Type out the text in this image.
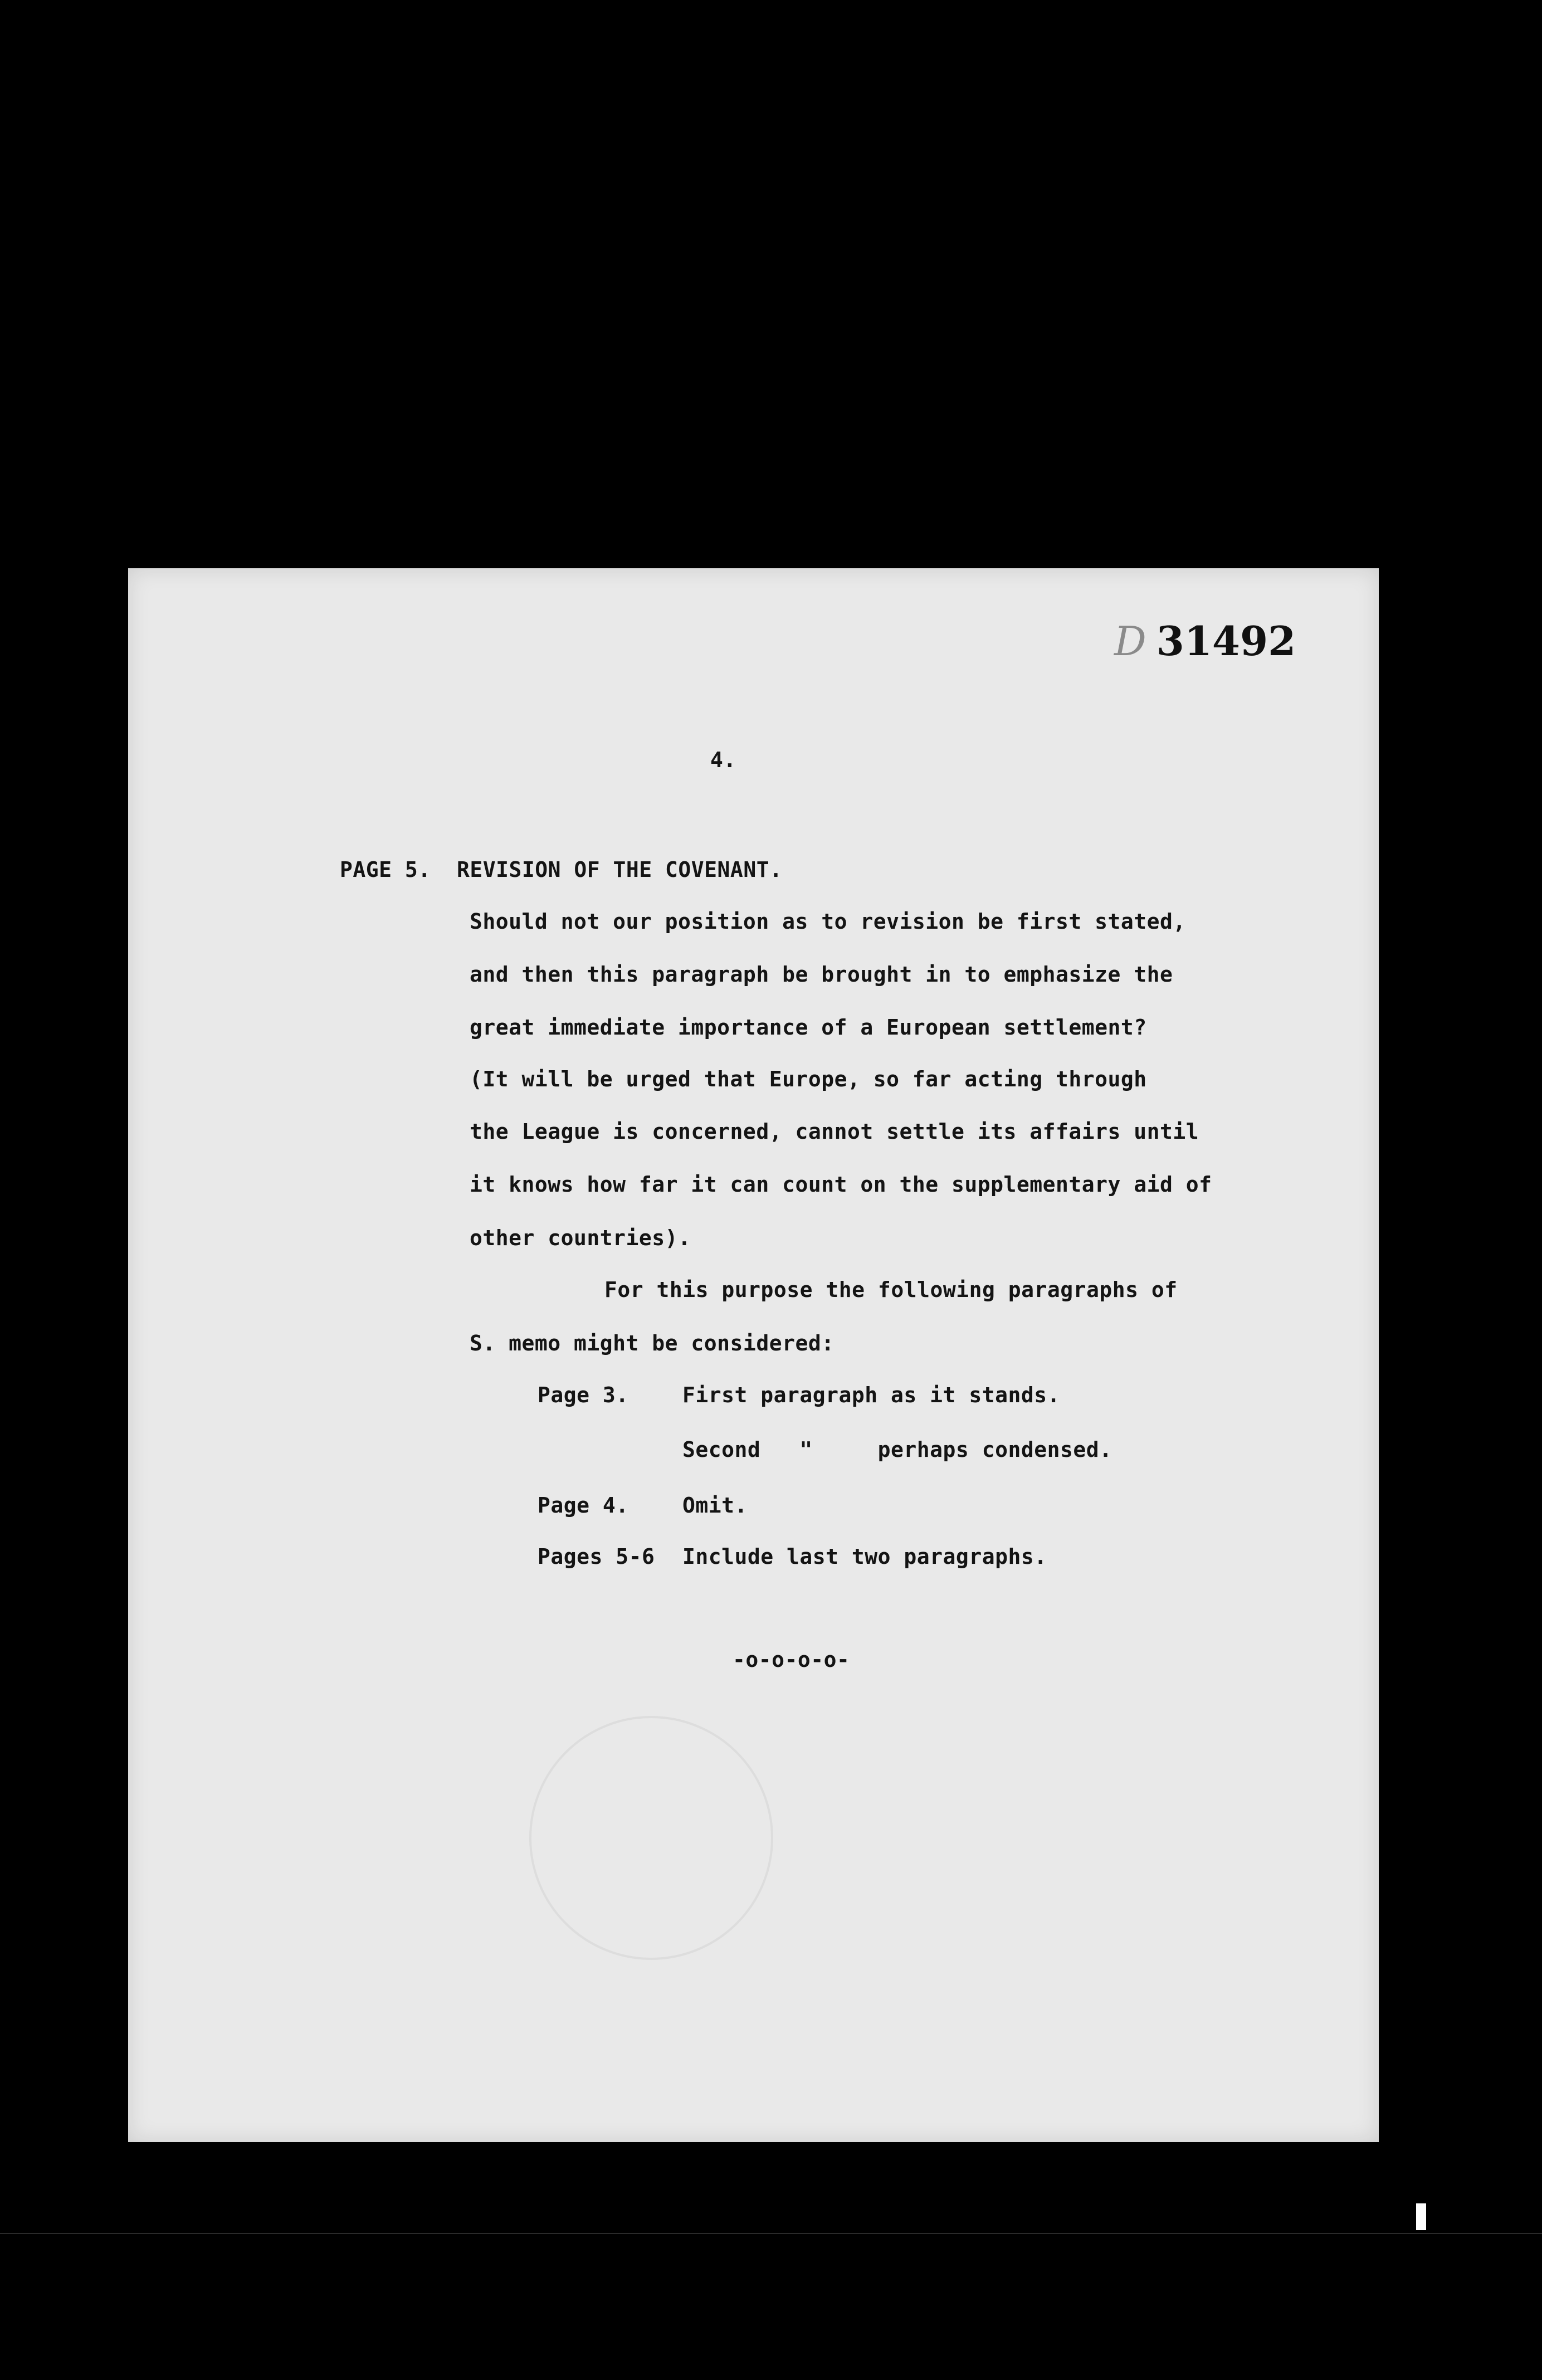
D 31492
4.
PAGE 5. REVISION OF THE COVENANT.
Should not our position as to revision be first stated,
and then this paragraph be brought in to emphasize the
great immediate importance of a European settlement?
(It will be urged that Europe, so far acting through
the League is concerned, cannot settle its affairs until
it knows how far it can count on the supplementary aid of
other countries).
For this purpose the following paragraphs of
S. memo might be considered:
Page 3.	First paragraph as it stands.
Second   "     perhaps condensed.
Page 4.	Omit.
Pages 5-6 Include last two paragraphs.
-o-o-o-o-
